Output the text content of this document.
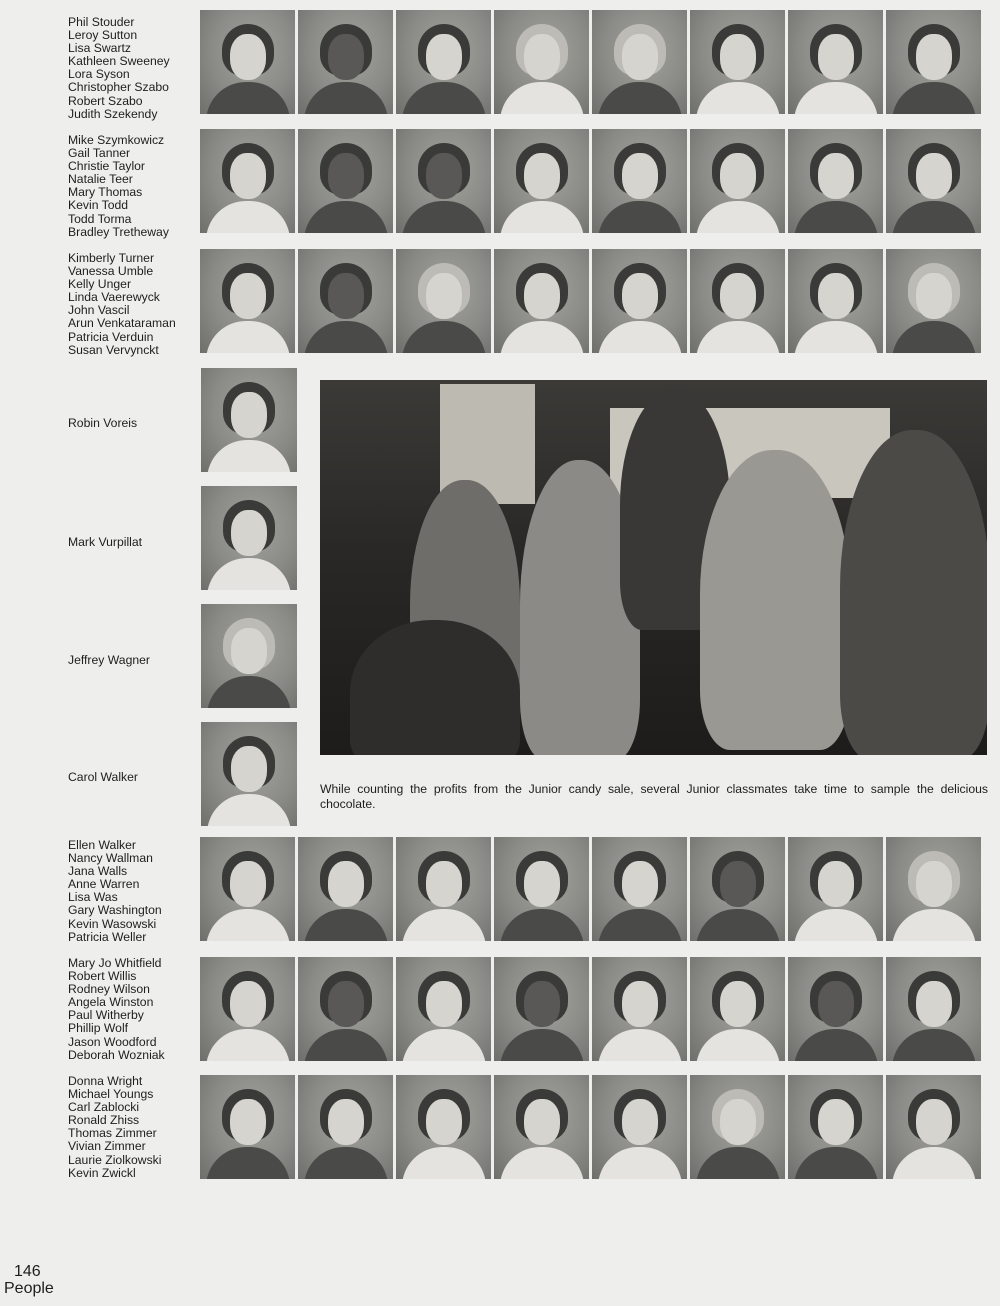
Phil Stouder
Leroy Sutton
Lisa Swartz
Kathleen Sweeney
Lora Syson
Christopher Szabo
Robert Szabo
Judith Szekendy
Mike Szymkowicz
Gail Tanner
Christie Taylor
Natalie Teer
Mary Thomas
Kevin Todd
Todd Torma
Bradley Tretheway
Kimberly Turner
Vanessa Umble
Kelly Unger
Linda Vaerewyck
John Vascil
Arun Venkataraman
Patricia Verduin
Susan Vervynckt
Ellen Walker
Nancy Wallman
Jana Walls
Anne Warren
Lisa Was
Gary Washington
Kevin Wasowski
Patricia Weller
Mary Jo Whitfield
Robert Willis
Rodney Wilson
Angela Winston
Paul Witherby
Phillip Wolf
Jason Woodford
Deborah Wozniak
Donna Wright
Michael Youngs
Carl Zablocki
Ronald Zhiss
Thomas Zimmer
Vivian Zimmer
Laurie Ziolkowski
Kevin Zwickl
Robin Voreis
Mark Vurpillat
Jeffrey Wagner
Carol Walker

While counting the profits from the Junior candy sale, several Junior classmates take time to sample the delicious chocolate.

146
People
